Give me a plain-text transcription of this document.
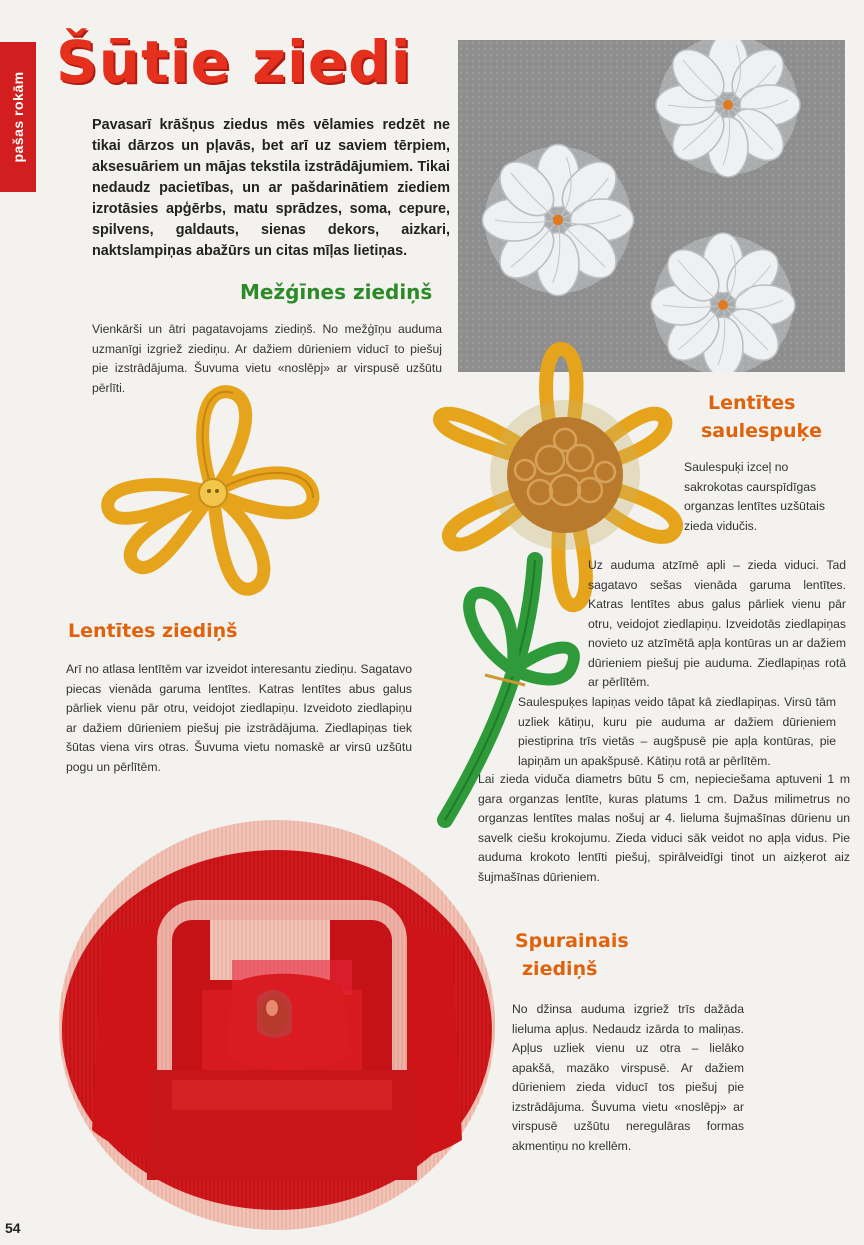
pašas rokām
Šūtie ziedi

Pavasarī krāšņus ziedus mēs vēlamies redzēt ne tikai dārzos un pļavās, bet arī uz saviem tērpiem, aksesuāriem un mājas tekstila izstrādājumiem. Tikai nedaudz pacietības, un ar pašdarinātiem ziediem izrotāsies apģērbs, matu sprādzes, soma, cepure, spilvens, galdauts, sienas dekors, aizkari, naktslampiņas abažūrs un citas mīļas lietiņas.

Mežģīnes ziediņš

Vienkārši un ātri pagatavojams ziediņš. No mežģīņu auduma uzmanīgi izgriež ziediņu. Ar dažiem dūrieniem viducī to piešuj pie izstrādājuma. Šuvuma vietu «noslēpj» ar virspusē uzšūtu pērlīti.

Lentītes ziediņš

Arī no atlasa lentītēm var izveidot interesantu ziediņu. Sagatavo piecas vienāda garuma lentītes. Katras lentītes abus galus pārliek vienu pār otru, veidojot ziedlapiņu. Izveidoto ziedlapiņu ar dažiem dūrieniem piešuj pie izstrādājuma. Ziedlapiņas tiek šūtas viena virs otras. Šuvuma vietu nomaskē ar virsū uzšūtu pogu un pērlītēm.

Lentītes
saulespuķe

Saulespuķi izceļ no sakrokotas caurspīdīgas organzas lentītes uzšūtais zieda vidučis.

Uz auduma atzīmē apli – zieda viduci. Tad sagatavo sešas vienāda garuma lentītes. Katras lentītes abus galus pārliek vienu pār otru, veidojot ziedlapiņu. Izveidotās ziedlapiņas novieto uz atzīmētā apļa kontūras un ar dažiem dūrieniem piešuj pie auduma. Ziedlapiņas rotā ar pērlītēm.

Saulespuķes lapiņas veido tāpat kā ziedlapiņas. Virsū tām uzliek kātiņu, kuru pie auduma ar dažiem dūrieniem piestiprina trīs vietās – augšpusē pie apļa kontūras, pie lapiņām un apakšpusē. Kātiņu rotā ar pērlītēm.

Lai zieda viduča diametrs būtu 5 cm, nepieciešama aptuveni 1 m gara organzas lentīte, kuras platums 1 cm. Dažus milimetrus no organzas lentītes malas nošuj ar 4. lieluma šujmašīnas dūrienu un savelk ciešu krokojumu. Zieda viduci sāk veidot no apļa vidus. Pie auduma krokoto lentīti piešuj, spirālveidīgi tinot un aizķerot aiz šujmašīnas dūrieniem.

Spurainais
ziediņš

No džinsa auduma izgriež trīs dažāda lieluma apļus. Nedaudz izārda to maliņas. Apļus uzliek vienu uz otra – lielāko apakšā, mazāko virspusē. Ar dažiem dūrieniem zieda viducī tos piešuj pie izstrādājuma. Šuvuma vietu «noslēpj» ar virspusē uzšūtu neregulāras formas akmentiņu no krellēm.

54
